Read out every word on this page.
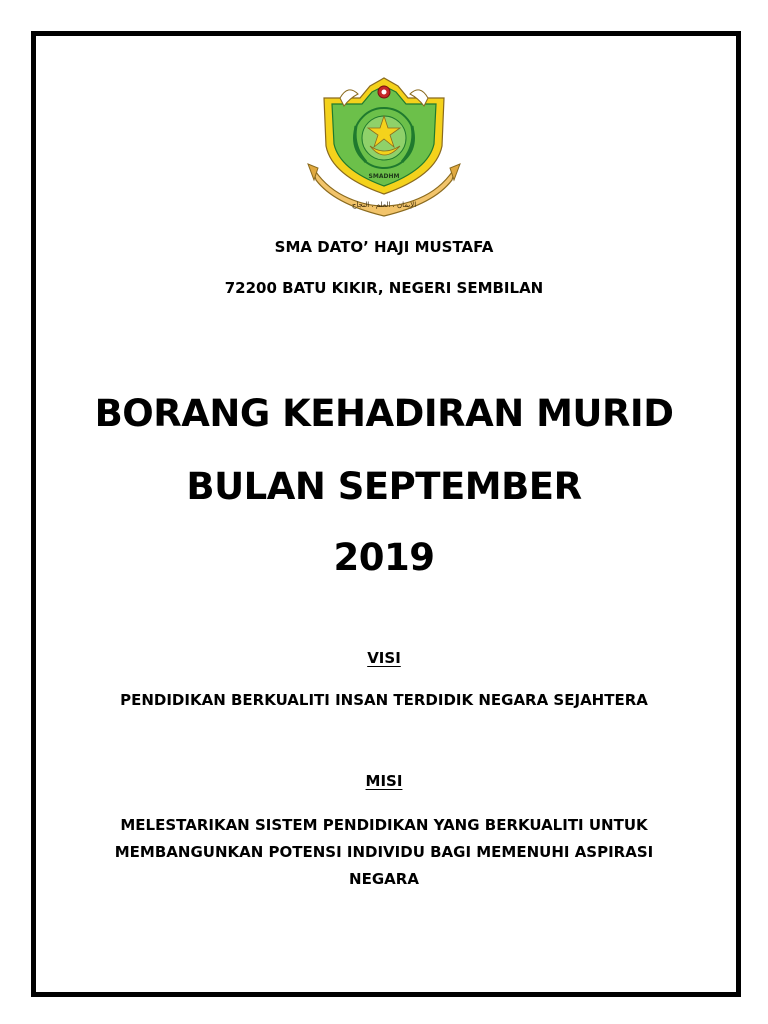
الإيمان . العلم . النجاح
SMADHM
SMA DATO’ HAJI MUSTAFA
72200 BATU KIKIR, NEGERI SEMBILAN
BORANG KEHADIRAN MURID
BULAN SEPTEMBER
2019
VISI
PENDIDIKAN BERKUALITI INSAN TERDIDIK NEGARA SEJAHTERA
MISI
MELESTARIKAN SISTEM PENDIDIKAN YANG BERKUALITI UNTUK
MEMBANGUNKAN POTENSI INDIVIDU BAGI MEMENUHI ASPIRASI
NEGARA
